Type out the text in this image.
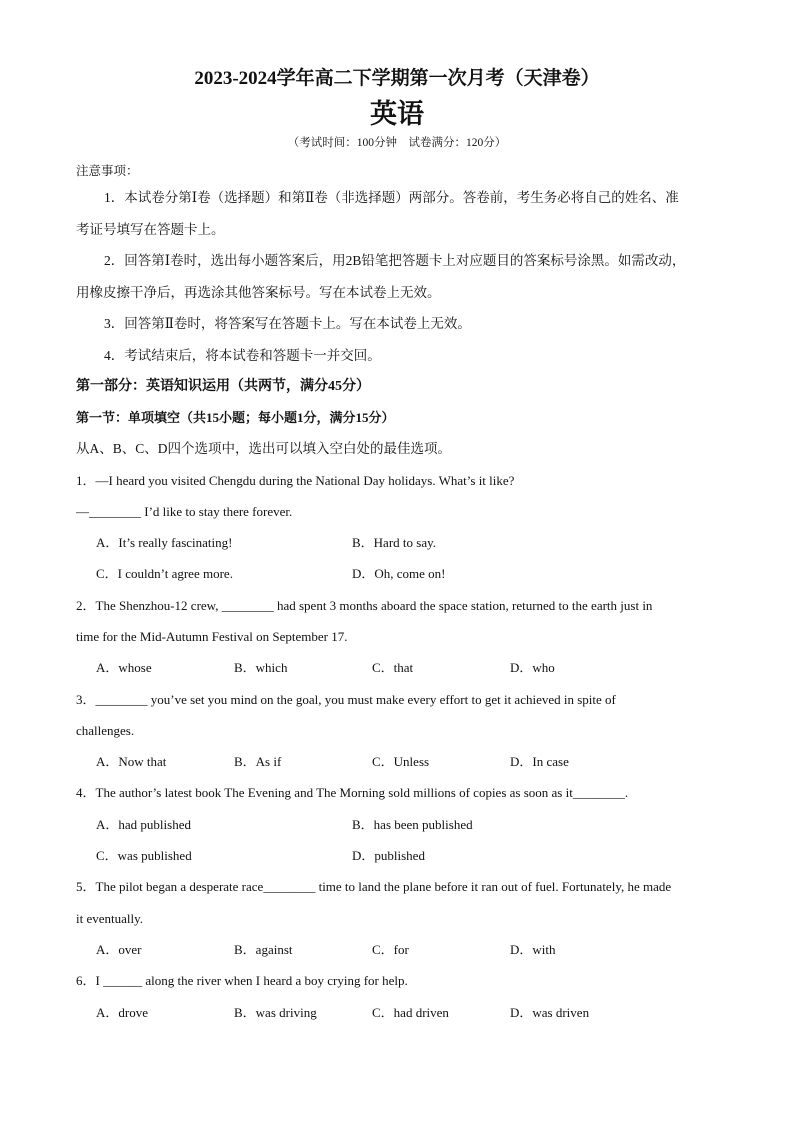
2023-2024学年高二下学期第一次月考（天津卷）

英语

（考试时间：100分钟　试卷满分：120分）

注意事项：

1．本试卷分第Ⅰ卷（选择题）和第Ⅱ卷（非选择题）两部分。答卷前，考生务必将自己的姓名、准

考证号填写在答题卡上。

2．回答第Ⅰ卷时，选出每小题答案后，用2B铅笔把答题卡上对应题目的答案标号涂黑。如需改动，

用橡皮擦干净后，再选涂其他答案标号。写在本试卷上无效。

3．回答第Ⅱ卷时，将答案写在答题卡上。写在本试卷上无效。

4．考试结束后，将本试卷和答题卡一并交回。

第一部分：英语知识运用（共两节，满分45分）

第一节：单项填空（共15小题；每小题1分，满分15分）

从A、B、C、D四个选项中，选出可以填入空白处的最佳选项。

1．—I heard you visited Chengdu during the National Day holidays. What’s it like?

—________ I’d like to stay there forever.

A．It’s really fascinating!	B．Hard to say.
C．I couldn’t agree more.	D．Oh, come on!

2．The Shenzhou-12 crew, ________ had spent 3 months aboard the space station, returned to the earth just in

time for the Mid-Autumn Festival on September 17.

A．whose	B．which	C．that	D．who

3．________ you’ve set you mind on the goal, you must make every effort to get it achieved in spite of

challenges.

A．Now that	B．As if	C．Unless	D．In case

4．The author’s latest book The Evening and The Morning sold millions of copies as soon as it________.

A．had published	B．has been published
C．was published	D．published

5．The pilot began a desperate race________ time to land the plane before it ran out of fuel. Fortunately, he made

it eventually.

A．over	B．against	C．for	D．with

6．I ______ along the river when I heard a boy crying for help.

A．drove	B．was driving	C．had driven	D．was driven
